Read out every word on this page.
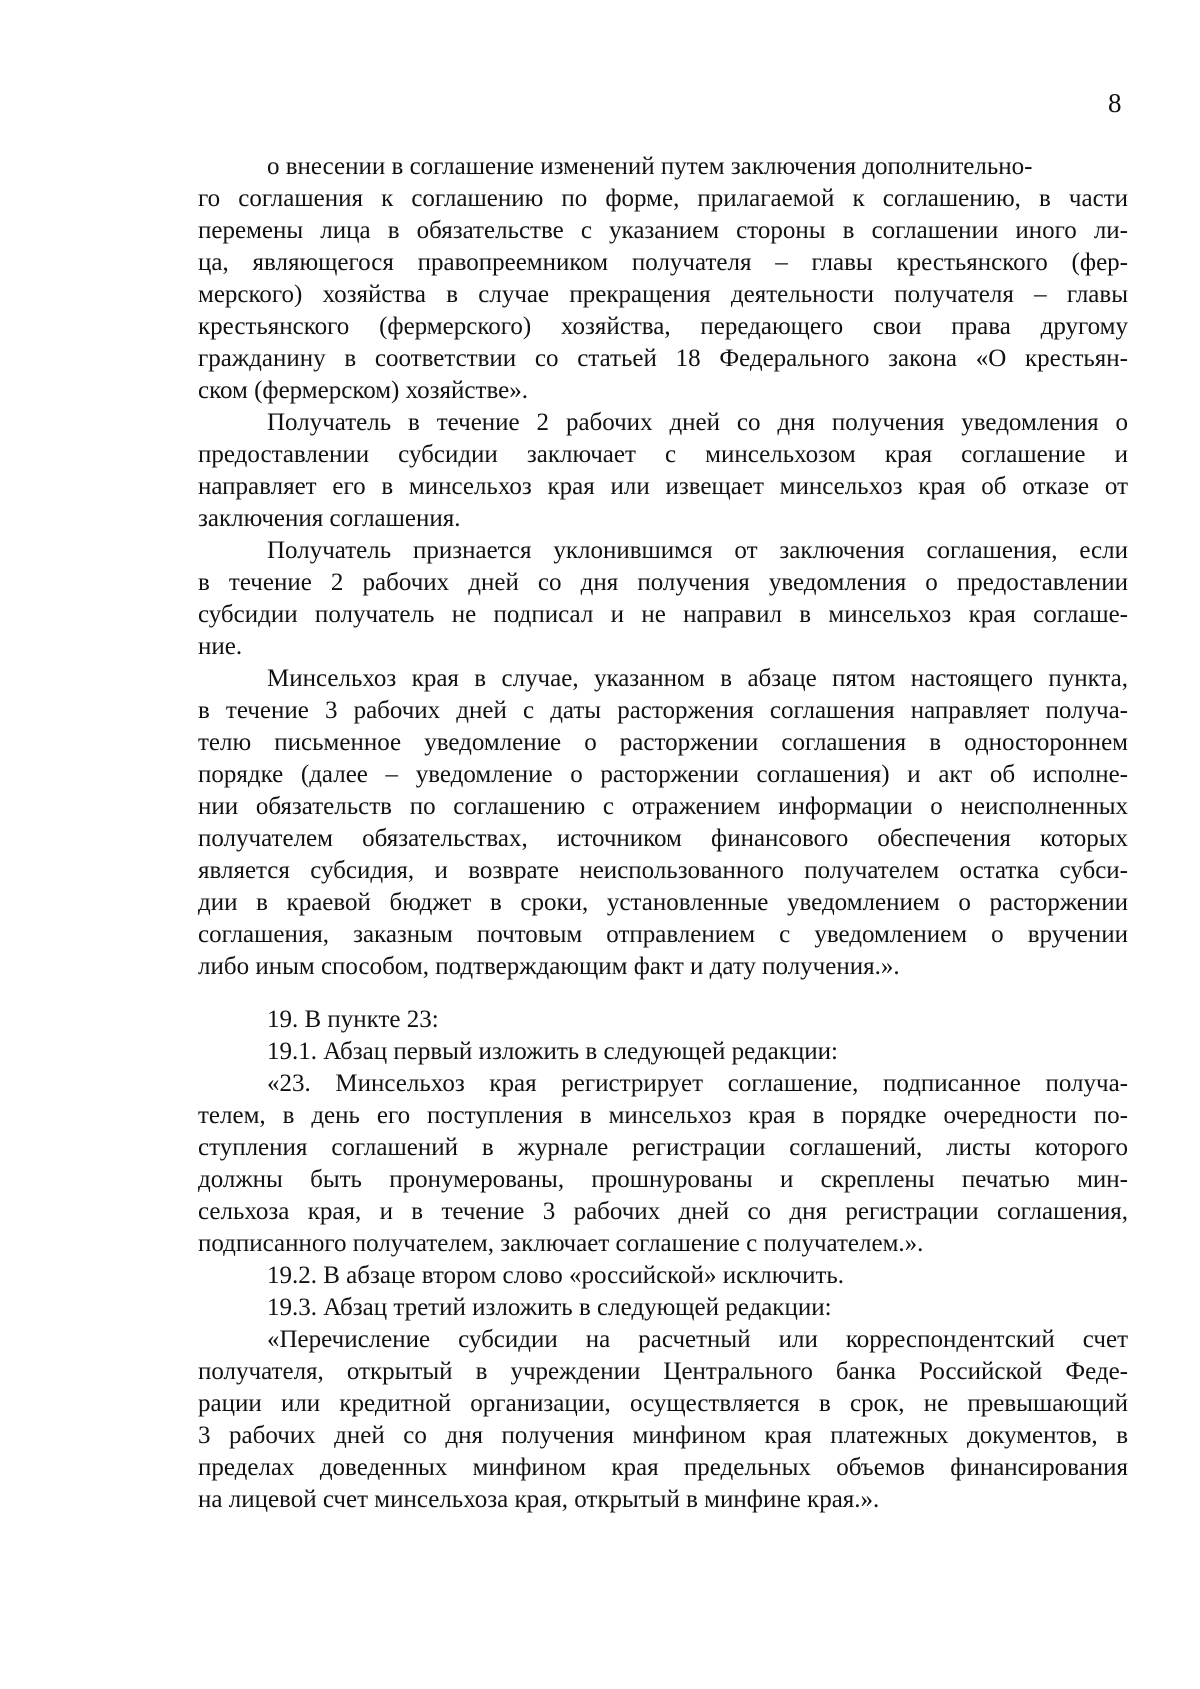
8
о внесении в соглашение изменений путем заключения дополнительно-
го соглашения к соглашению по форме, прилагаемой к соглашению, в части
перемены лица в обязательстве с указанием стороны в соглашении иного ли-
ца, являющегося правопреемником получателя – главы крестьянского (фер-
мерского) хозяйства в случае прекращения деятельности получателя – главы
крестьянского (фермерского) хозяйства, передающего свои права другому
гражданину в соответствии со статьей 18 Федерального закона «О крестьян-
ском (фермерском) хозяйстве».
Получатель в течение 2 рабочих дней со дня получения уведомления о
предоставлении субсидии заключает с минсельхозом края соглашение и
направляет его в минсельхоз края или извещает минсельхоз края об отказе от
заключения соглашения.
Получатель признается уклонившимся от заключения соглашения, если
в течение 2 рабочих дней со дня получения уведомления о предоставлении
субсидии получатель не подписал и не направил в минсельхоз края соглаше-
ние.
Минсельхоз края в случае, указанном в абзаце пятом настоящего пункта,
в течение 3 рабочих дней с даты расторжения соглашения направляет получа-
телю письменное уведомление о расторжении соглашения в одностороннем
порядке (далее – уведомление о расторжении соглашения) и акт об исполне-
нии обязательств по соглашению с отражением информации о неисполненных
получателем обязательствах, источником финансового обеспечения которых
является субсидия, и возврате неиспользованного получателем остатка субси-
дии в краевой бюджет в сроки, установленные уведомлением о расторжении
соглашения, заказным почтовым отправлением с уведомлением о вручении
либо иным способом, подтверждающим факт и дату получения.».
19. В пункте 23:
19.1. Абзац первый изложить в следующей редакции:
«23. Минсельхоз края регистрирует соглашение, подписанное получа-
телем, в день его поступления в минсельхоз края в порядке очередности по-
ступления соглашений в журнале регистрации соглашений, листы которого
должны быть пронумерованы, прошнурованы и скреплены печатью мин-
сельхоза края, и в течение 3 рабочих дней со дня регистрации соглашения,
подписанного получателем, заключает соглашение с получателем.».
19.2. В абзаце втором слово «российской» исключить.
19.3. Абзац третий изложить в следующей редакции:
«Перечисление субсидии на расчетный или корреспондентский счет
получателя, открытый в учреждении Центрального банка Российской Феде-
рации или кредитной организации, осуществляется в срок, не превышающий
3 рабочих дней со дня получения минфином края платежных документов, в
пределах доведенных минфином края предельных объемов финансирования
на лицевой счет минсельхоза края, открытый в минфине края.».
